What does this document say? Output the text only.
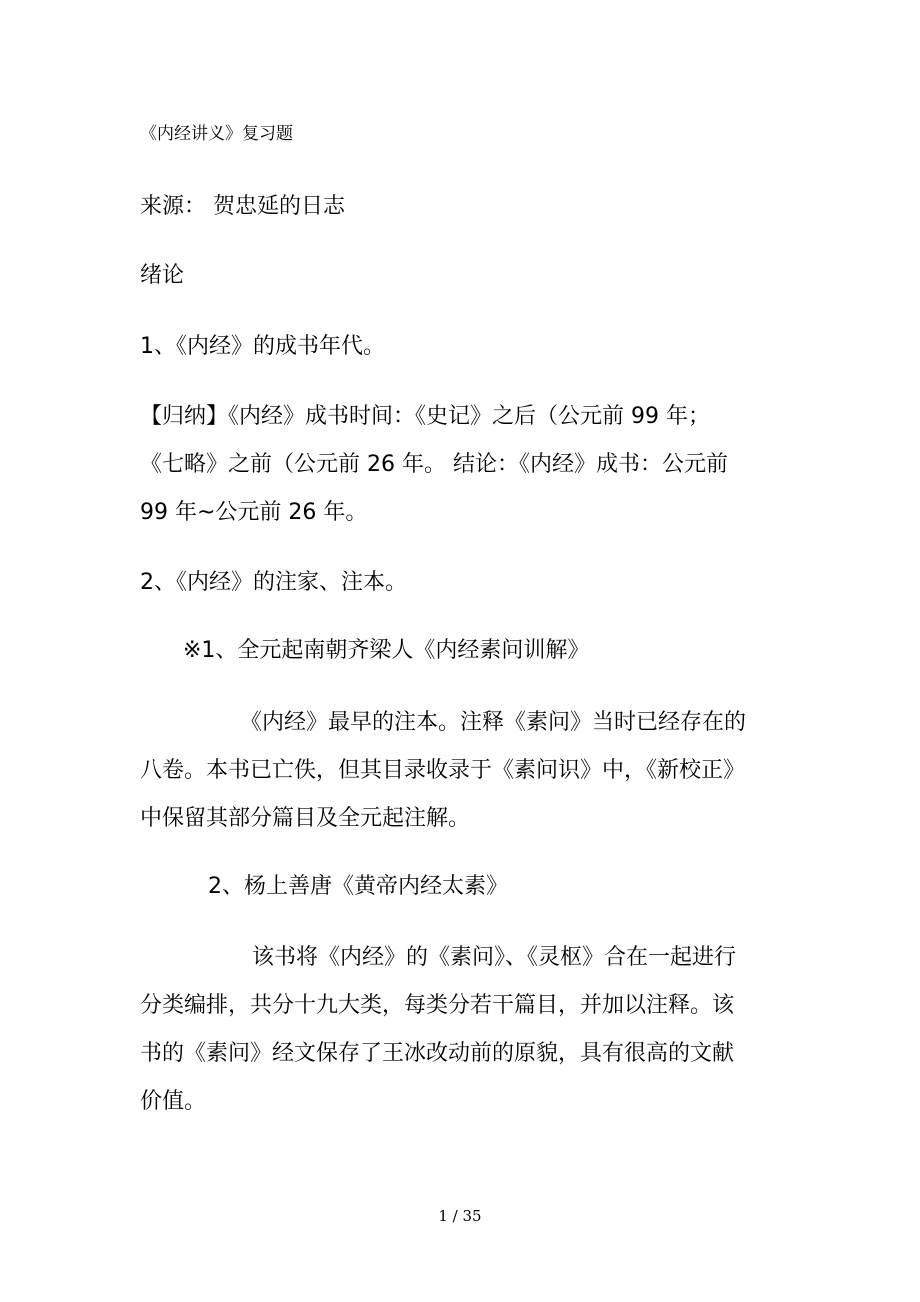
《内经讲义》复习题
来源： 贺忠延的日志
绪论
1、《内经》的成书年代。
【归纳】《内经》成书时间：《史记》之后（公元前 99 年；
《七略》之前（公元前 26 年。 结论：《内经》成书：公元前
99 年~公元前 26 年。
2、《内经》的注家、注本。
※1、全元起南朝齐梁人《内经素问训解》
《内经》最早的注本。注释《素问》当时已经存在的
八卷。本书已亡佚，但其目录收录于《素问识》中，《新校正》
中保留其部分篇目及全元起注解。
2、杨上善唐《黄帝内经太素》
该书将《内经》的《素问》、《灵枢》合在一起进行
分类编排，共分十九大类，每类分若干篇目，并加以注释。该
书的《素问》经文保存了王冰改动前的原貌，具有很高的文献
价值。
1 / 35
